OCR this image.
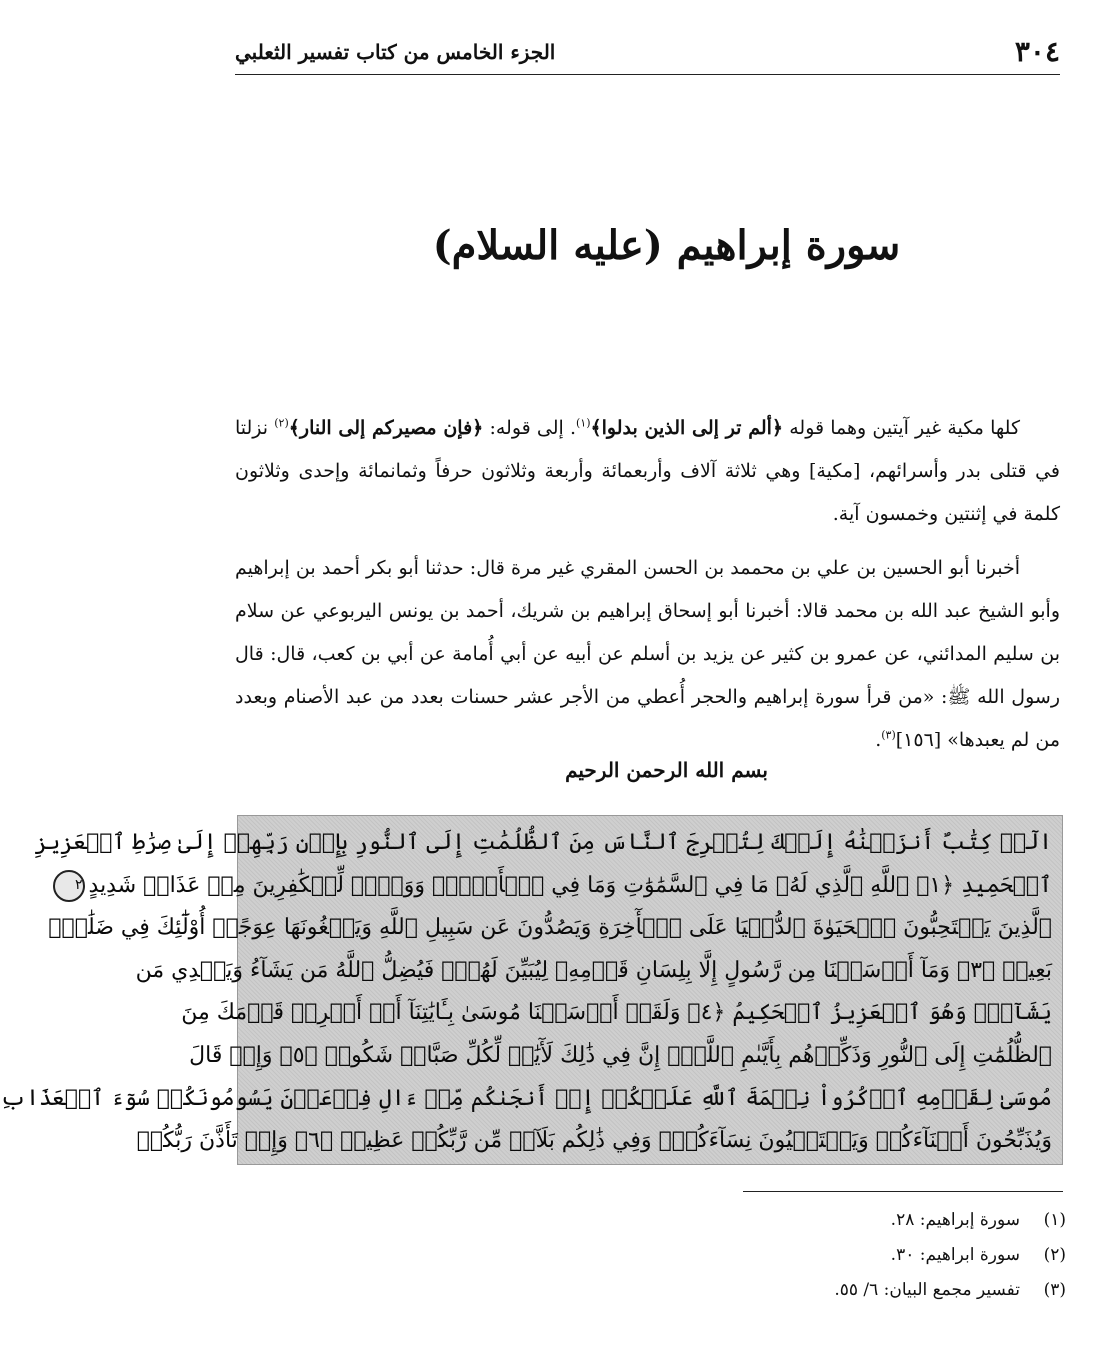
٣٠٤
الجزء الخامس من كتاب تفسير الثعلبي
سورة إبراهيم (عليه السلام)

كلها مكية غير آيتين وهما قوله ﴿ألم تر إلى الذين بدلوا﴾$^{(١)}$. إلى قوله: ﴿فإن مصيركم إلى النار﴾$^{(٢)}$ نزلتا في قتلى بدر وأسرائهم، [مكية] وهي ثلاثة آلاف وأربعمائة وأربعة وثلاثون حرفاً وثمانمائة وإحدى وثلاثون كلمة في إثنتين وخمسون آية.

أخبرنا أبو الحسين بن علي بن محممد بن الحسن المقري غير مرة قال: حدثنا أبو بكر أحمد بن إبراهيم وأبو الشيخ عبد الله بن محمد قالا: أخبرنا أبو إسحاق إبراهيم بن شريك، أحمد بن يونس اليربوعي عن سلام بن سليم المدائني، عن عمرو بن كثير عن يزيد بن أسلم عن أبيه عن أبي أُمامة عن أبي بن كعب، قال: قال رسول الله ﷺ: «من قرأ سورة إبراهيم والحجر أُعطي من الأجر عشر حسنات بعدد من عبد الأصنام وبعدد من لم يعبدها» [١٥٦]$^{(٣)}$.

بسم الله الرحمن الرحيم
الٓرۚ كِتَٰبٌ أَنزَلۡنَٰهُ إِلَيۡكَ لِتُخۡرِجَ ٱلنَّاسَ مِنَ ٱلظُّلُمَٰتِ إِلَى ٱلنُّورِ بِإِذۡنِ رَبِّهِمۡ إِلَىٰ صِرَٰطِ ٱلۡعَزِيزِ
ٱلۡحَمِيدِ ﴿١﴾ ٱللَّهِ ٱلَّذِي لَهُۥ مَا فِي ٱلسَّمَٰوَٰتِ وَمَا فِي ٱلۡأَرۡضِۗ وَوَيۡلٞ لِّلۡكَٰفِرِينَ مِنۡ عَذَابٖ شَدِيدٍ٢
ٱلَّذِينَ يَسۡتَحِبُّونَ ٱلۡحَيَوٰةَ ٱلدُّنۡيَا عَلَى ٱلۡأٓخِرَةِ وَيَصُدُّونَ عَن سَبِيلِ ٱللَّهِ وَيَبۡغُونَهَا عِوَجًاۚ أُوْلَٰٓئِكَ فِي ضَلَٰلِۢ
بَعِيدٖ ﴿٣﴾ وَمَآ أَرۡسَلۡنَا مِن رَّسُولٍ إِلَّا بِلِسَانِ قَوۡمِهِۦ لِيُبَيِّنَ لَهُمۡۖ فَيُضِلُّ ٱللَّهُ مَن يَشَآءُ وَيَهۡدِي مَن
يَشَآءُۚ وَهُوَ ٱلۡعَزِيزُ ٱلۡحَكِيمُ ﴿٤﴾ وَلَقَدۡ أَرۡسَلۡنَا مُوسَىٰ بِـَٔايَٰتِنَآ أَنۡ أَخۡرِجۡ قَوۡمَكَ مِنَ
ٱلظُّلُمَٰتِ إِلَى ٱلنُّورِ وَذَكِّرۡهُم بِأَيَّىٰمِ ٱللَّهِۚ إِنَّ فِي ذَٰلِكَ لَأٓيَٰتٖ لِّكُلِّ صَبَّارٖ شَكُورٖ ﴿٥﴾ وَإِذۡ قَالَ
مُوسَىٰ لِقَوۡمِهِ ٱذۡكُرُواْ نِعۡمَةَ ٱللَّهِ عَلَيۡكُمۡ إِذۡ أَنجَىٰكُم مِّنۡ ءَالِ فِرۡعَوۡنَ يَسُومُونَكُمۡ سُوٓءَ ٱلۡعَذَابِ
وَيُذَبِّحُونَ أَبۡنَآءَكُمۡ وَيَسۡتَحۡيُونَ نِسَآءَكُمۡۚ وَفِي ذَٰلِكُم بَلَآءٞ مِّن رَّبِّكُمۡ عَظِيمٞ ﴿٦﴾ وَإِذۡ تَأَذَّنَ رَبُّكُمۡ
(١)
سورة إبراهيم: ٢٨.
(٢)
سورة ابراهيم: ٣٠.
(٣)
تفسير مجمع البيان: ٦/ ٥٥.
